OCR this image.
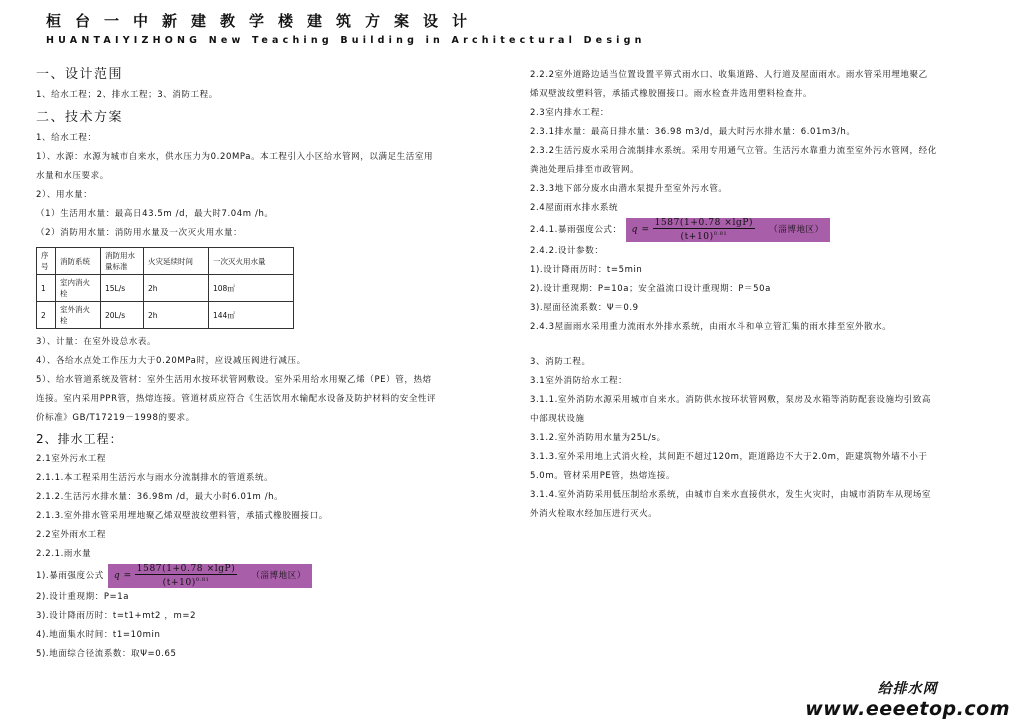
桓台一中新建教学楼建筑方案设计
HUANTAIYIZHONG New Teaching Building in Architectural Design
一、设计范围
1、给水工程；2、排水工程；3、消防工程。
二、技术方案
1、给水工程：
1）、水源：水源为城市自来水，供水压力为0.20MPa。本工程引入小区给水管网，以满足生活室用
水量和水压要求。
2）、用水量：
（1）生活用水量：最高日43.5m /d，最大时7.04m /h。
（2）消防用水量：消防用水量及一次灭火用水量：
序号	消防系统	消防用水量标准	火灾延续时间	一次灭火用水量
1	室内消火栓	15L/s	2h	108㎡
2	室外消火栓	20L/s	2h	144㎡
3）、计量：在室外设总水表。
4）、各给水点处工作压力大于0.20MPa时，应设减压阀进行减压。
5）、给水管道系统及管材：室外生活用水按环状管网敷设。室外采用给水用聚乙烯（PE）管，热熔
连接。室内采用PPR管，热熔连接。管道材质应符合《生活饮用水输配水设备及防护材料的安全性评
价标准》GB/T17219－1998的要求。
2、排水工程：
2.1室外污水工程
2.1.1.本工程采用生活污水与雨水分流制排水的管道系统。
2.1.2.生活污水排水量：36.98m /d，最大小时6.01m /h。
2.1.3.室外排水管采用埋地聚乙烯双壁波纹塑料管，承插式橡胶圈接口。
2.2室外雨水工程
2.2.1.雨水量
1).暴雨强度公式 $q = \frac{1587(1+0.78 \times\lg P)}{(t+10)^{0.81}}$ （淄博地区）
2).设计重现期：P=1a
3).设计降雨历时：t=t1+mt2 ，m=2
4).地面集水时间：t1=10min
5).地面综合径流系数：取Ψ=0.65
2.2.2室外道路边适当位置设置平箅式雨水口、收集道路、人行道及屋面雨水。雨水管采用埋地聚乙
烯双壁波纹塑料管，承插式橡胶圈接口。雨水检查井选用塑料检查井。
2.3室内排水工程：
2.3.1排水量：最高日排水量：36.98 m3/d，最大时污水排水量：6.01m3/h。
2.3.2生活污废水采用合流制排水系统。采用专用通气立管。生活污水靠重力流至室外污水管网，经化
粪池处理后排至市政管网。
2.3.3地下部分废水由潜水泵提升至室外污水管。
2.4屋面雨水排水系统
2.4.1.暴雨强度公式： $q = \frac{1587(1+0.78 \times\lg P)}{(t+10)^{0.81}}$ （淄博地区）
2.4.2.设计参数：
1).设计降雨历时：t=5min
2).设计重现期：P=10a；安全溢流口设计重现期：P＝50a
3).屋面径流系数：Ψ＝0.9
2.4.3屋面雨水采用重力流雨水外排水系统，由雨水斗和单立管汇集的雨水排至室外散水。
3、消防工程。
3.1室外消防给水工程：
3.1.1.室外消防水源采用城市自来水。消防供水按环状管网敷，泵房及水箱等消防配套设施均引致高
中部现状设施
3.1.2.室外消防用水量为25L/s。
3.1.3.室外采用地上式消火栓，其间距不超过120m，距道路边不大于2.0m，距建筑物外墙不小于
5.0m。管材采用PE管，热熔连接。
3.1.4.室外消防采用低压制给水系统，由城市自来水直接供水，发生火灾时，由城市消防车从现场室
外消火栓取水经加压进行灭火。
给排水网
www.eeeetop.com
